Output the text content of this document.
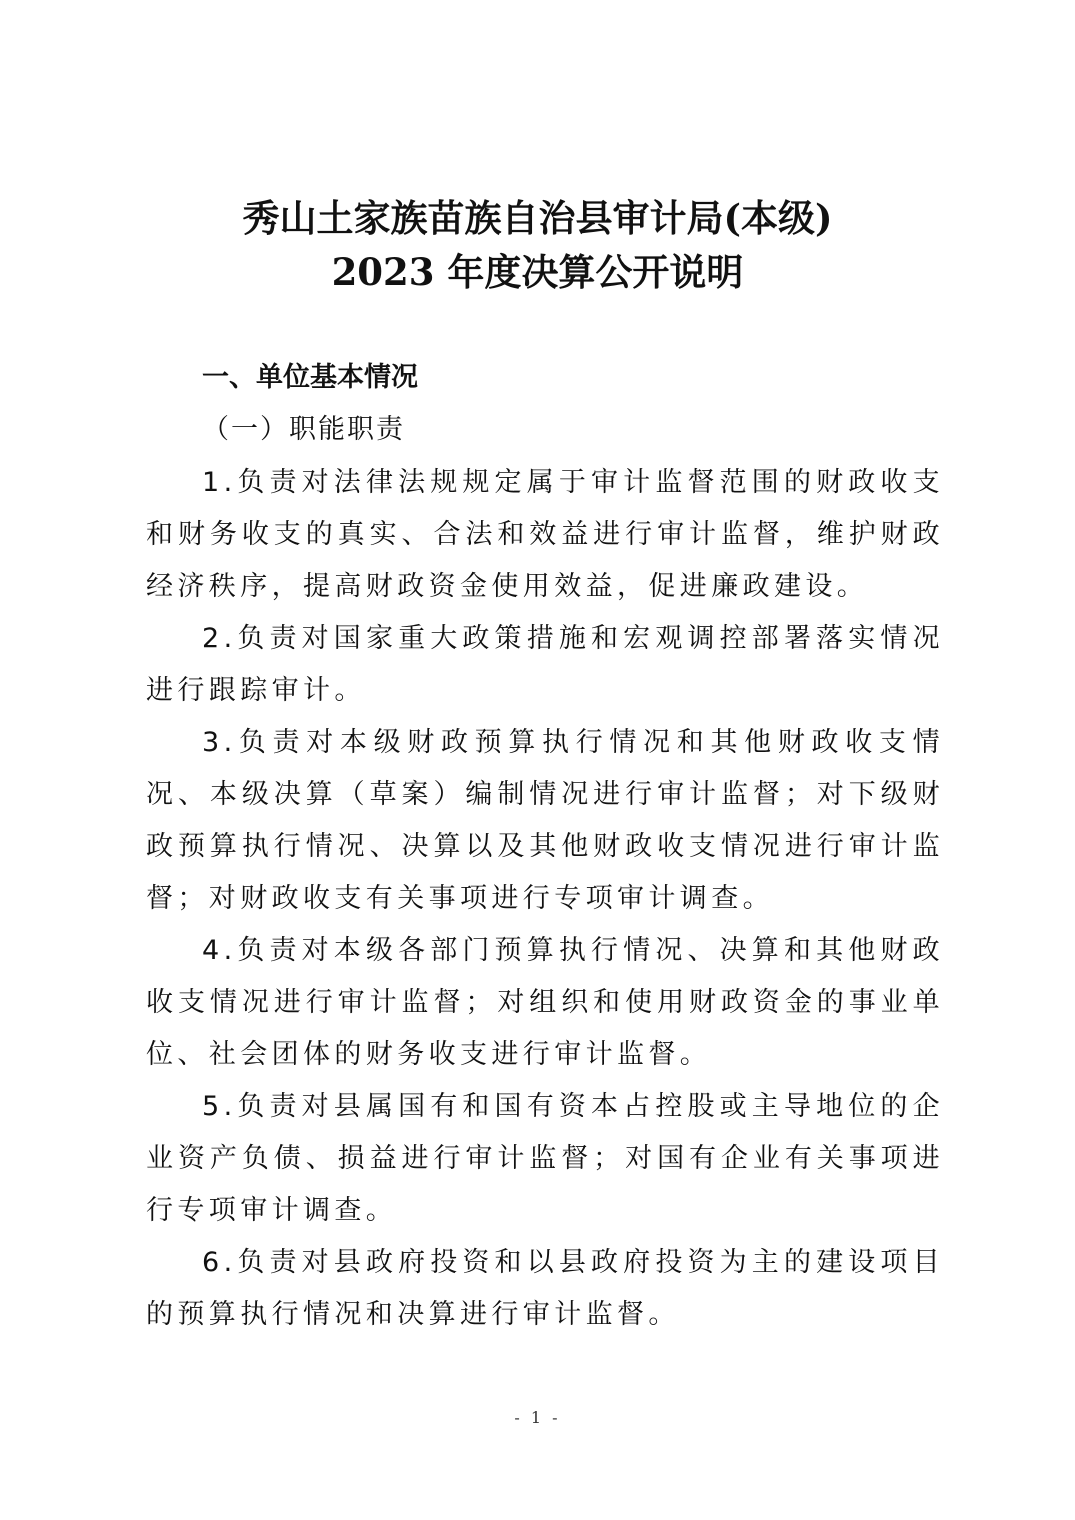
秀山土家族苗族自治县审计局(本级)
2023 年度决算公开说明
一、单位基本情况
（一）职能职责

1.负责对法律法规规定属于审计监督范围的财政收支和财务收支的真实、合法和效益进行审计监督，维护财政经济秩序，提高财政资金使用效益，促进廉政建设。

2.负责对国家重大政策措施和宏观调控部署落实情况进行跟踪审计。

3.负责对本级财政预算执行情况和其他财政收支情况、本级决算（草案）编制情况进行审计监督；对下级财政预算执行情况、决算以及其他财政收支情况进行审计监督；对财政收支有关事项进行专项审计调查。

4.负责对本级各部门预算执行情况、决算和其他财政收支情况进行审计监督；对组织和使用财政资金的事业单位、社会团体的财务收支进行审计监督。

5.负责对县属国有和国有资本占控股或主导地位的企业资产负债、损益进行审计监督；对国有企业有关事项进行专项审计调查。

6.负责对县政府投资和以县政府投资为主的建设项目的预算执行情况和决算进行审计监督。

- 1 -
